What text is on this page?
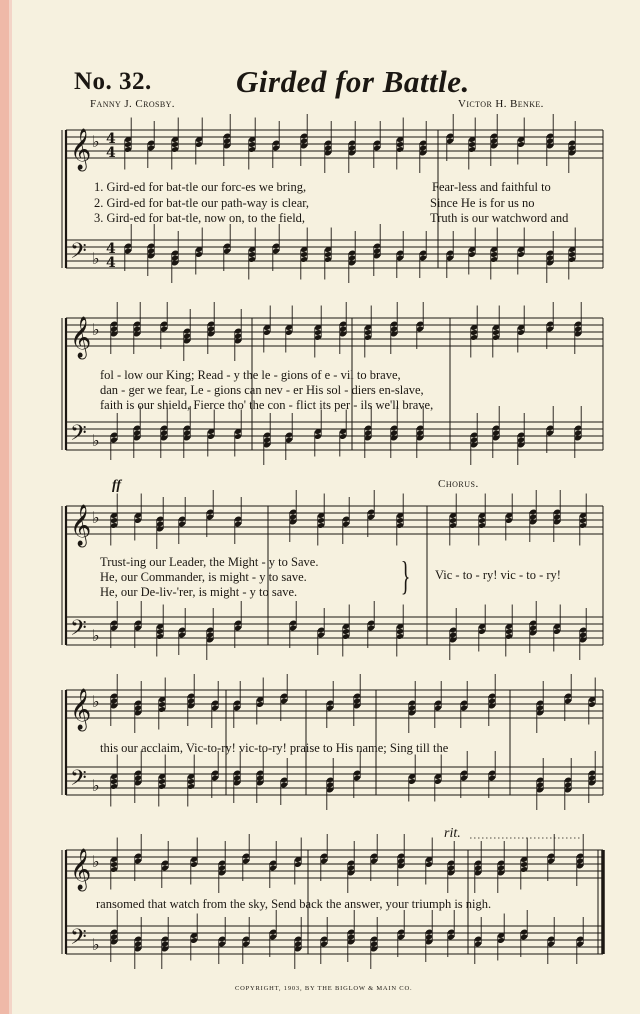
No. 32.	Girded for Battle.
Fanny J. Crosby.	Victor H. Benke.
𝄞 ♭ 4
4
𝄢 ♭ 4
4
𝄞 ♭
𝄢 ♭
𝄞 ♭
𝄢 ♭
𝄞 ♭
𝄢 ♭
𝄞 ♭
𝄢 ♭
1. Gird-ed for bat-tle our forc-es we bring,
2. Gird-ed for bat-tle our path-way is clear,
3. Gird-ed for bat-tle, now on, to the field,
Fear-less and faithful to
Since He is for us no
Truth is our watchword and
fol - low our King; Read - y the le - gions of e - vil to brave,
dan - ger we fear, Le - gions can nev - er His sol - diers en-slave,
faith is our shield, Fierce tho' the con - flict its per - ils we'll brave,
ff	Chorus.
Trust-ing our Leader, the Might - y to Save.
He, our Commander, is might - y to save.
He, our De-liv-'rer, is might - y to save.	} Vic - to - ry! vic - to - ry!
this our acclaim, Vic-to-ry! vic-to-ry! praise to His name; Sing till the
rit.
ransomed that watch from the sky, Send back the answer, your triumph is nigh.
COPYRIGHT, 1903, BY THE BIGLOW & MAIN CO.
